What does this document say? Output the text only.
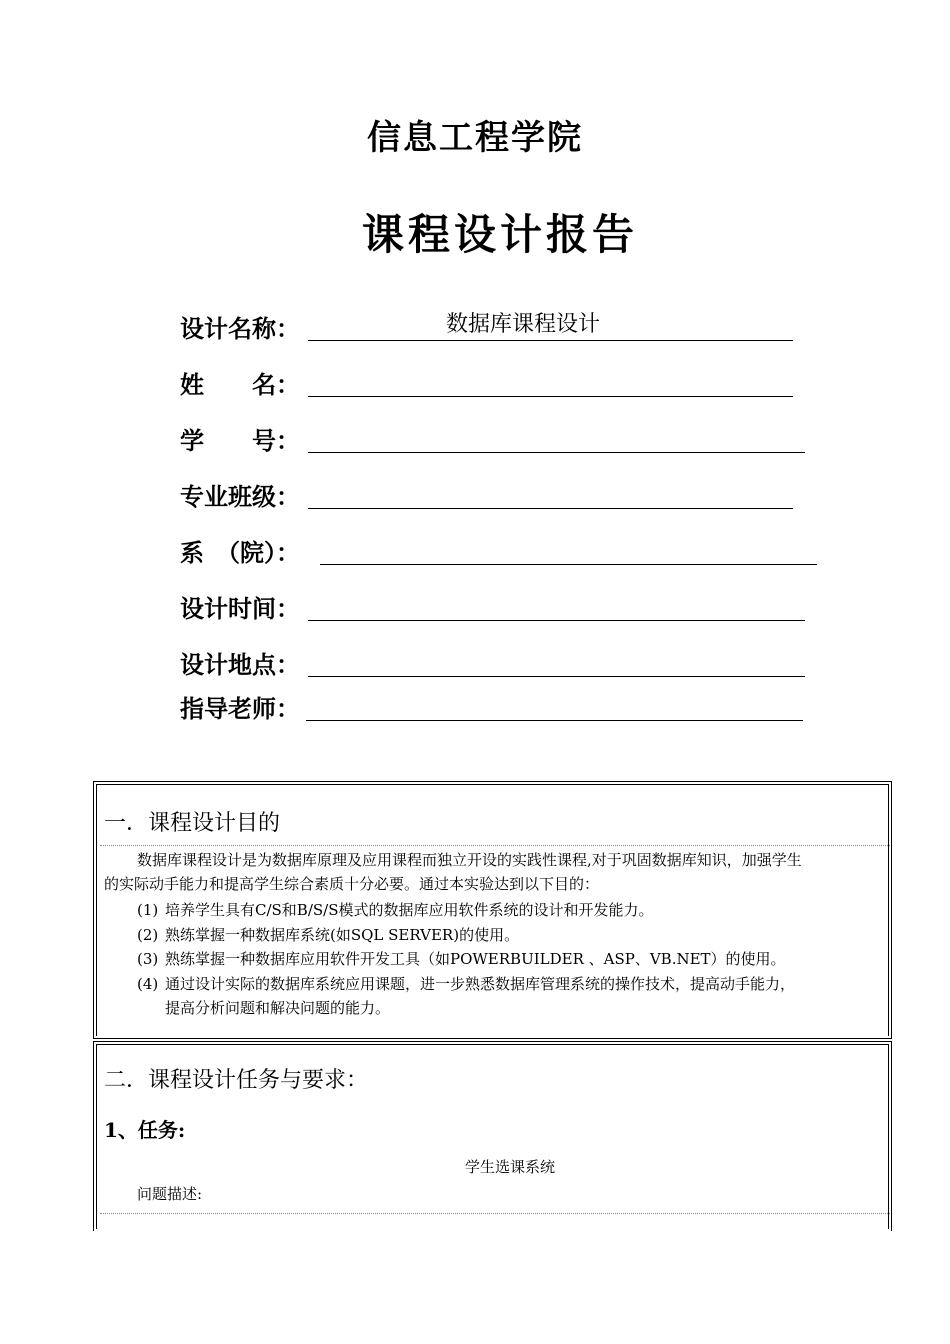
信息工程学院
课程设计报告
设计名称：	数据库课程设计
姓　　名：
学　　号：
专业班级：
系　（院）：
设计时间：
设计地点：
指导老师：
一．课程设计目的
数据库课程设计是为数据库原理及应用课程而独立开设的实践性课程,对于巩固数据库知识，加强学生
的实际动手能力和提高学生综合素质十分必要。通过本实验达到以下目的：
(1) 培养学生具有C/S和B/S/S模式的数据库应用软件系统的设计和开发能力。
(2) 熟练掌握一种数据库系统(如SQL SERVER)的使用。
(3) 熟练掌握一种数据库应用软件开发工具（如POWERBUILDER 、ASP、VB.NET）的使用。
(4) 通过设计实际的数据库系统应用课题，进一步熟悉数据库管理系统的操作技术，提高动手能力，
提高分析问题和解决问题的能力。
二．课程设计任务与要求：
1、任务:
学生选课系统
问题描述:
